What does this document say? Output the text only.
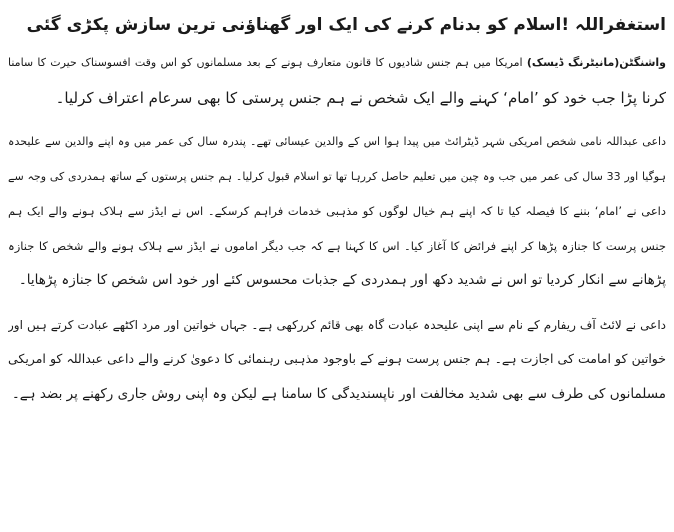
استغفراللہ !اسلام کو بدنام کرنے کی ایک اور گھناؤنی ترین سازش پکڑی گئی
واشنگٹن(مانیٹرنگ ڈیسک) امریکا میں ہم جنس شادیوں کا قانون متعارف ہونے کے بعد مسلمانوں کو اس وقت افسوسناک حیرت کا سامنا
کرنا پڑا جب خود کو ’امام‘ کہنے والے ایک شخص نے ہم جنس پرستی کا بھی سرعام اعتراف کرلیا۔
داعی عبداللہ نامی شخص امریکی شہر ڈیٹرائٹ میں پیدا ہوا اس کے والدین عیسائی تھے۔ پندرہ سال کی عمر میں وہ اپنے والدین سے علیحدہ
ہوگیا اور 33 سال کی عمر میں جب وہ چین میں تعلیم حاصل کررہا تھا تو اسلام قبول کرلیا۔ ہم جنس پرستوں کے ساتھ ہمدردی کی وجہ سے
داعی نے ’امام‘ بننے کا فیصلہ کیا تا کہ اپنے ہم خیال لوگوں کو مذہبی خدمات فراہم کرسکے۔ اس نے ایڈز سے ہلاک ہونے والے ایک ہم
جنس پرست کا جنازہ پڑھا کر اپنے فرائض کا آغاز کیا۔ اس کا کہنا ہے کہ جب دیگر اماموں نے ایڈز سے ہلاک ہونے والے شخص کا جنازہ
پڑھانے سے انکار کردیا تو اس نے شدید دکھ اور ہمدردی کے جذبات محسوس کئے اور خود اس شخص کا جنازہ پڑھایا۔
داعی نے لائٹ آف ریفارم کے نام سے اپنی علیحدہ عبادت گاہ بھی قائم کررکھی ہے۔ جہاں خواتین اور مرد اکٹھے عبادت کرتے ہیں اور
خواتین کو امامت کی اجازت ہے۔ ہم جنس پرست ہونے کے باوجود مذہبی رہنمائی کا دعویٰ کرنے والے داعی عبداللہ کو امریکی
مسلمانوں کی طرف سے بھی شدید مخالفت اور ناپسندیدگی کا سامنا ہے لیکن وہ اپنی روش جاری رکھنے پر بضد ہے۔
